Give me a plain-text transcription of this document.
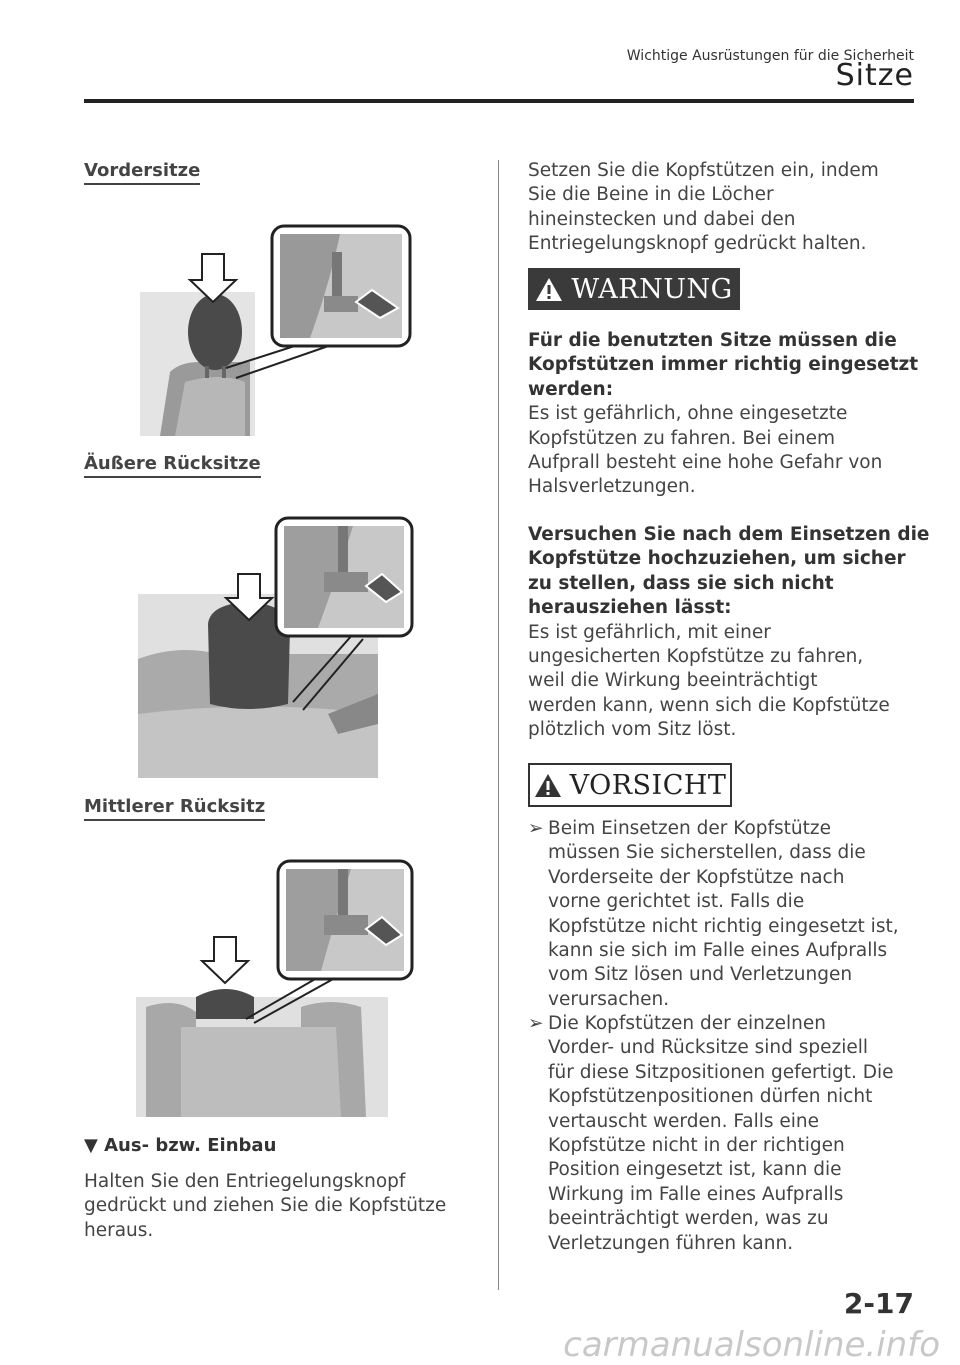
Wichtige Ausrüstungen für die Sicherheit
Sitze
Vordersitze
Äußere Rücksitze
Mittlerer Rücksitz
▼ Aus- bzw. Einbau
Halten Sie den Entriegelungsknopf
gedrückt und ziehen Sie die Kopfstütze
heraus.
Setzen Sie die Kopfstützen ein, indem
Sie die Beine in die Löcher
hineinstecken und dabei den
Entriegelungsknopf gedrückt halten.
WARNUNG
Für die benutzten Sitze müssen die
Kopfstützen immer richtig eingesetzt
werden:
Es ist gefährlich, ohne eingesetzte
Kopfstützen zu fahren. Bei einem
Aufprall besteht eine hohe Gefahr von
Halsverletzungen.
Versuchen Sie nach dem Einsetzen die
Kopfstütze hochzuziehen, um sicher
zu stellen, dass sie sich nicht
herausziehen lässt:
Es ist gefährlich, mit einer
ungesicherten Kopfstütze zu fahren,
weil die Wirkung beeinträchtigt
werden kann, wenn sich die Kopfstütze
plötzlich vom Sitz löst.
VORSICHT
➢ Beim Einsetzen der Kopfstütze
müssen Sie sicherstellen, dass die
Vorderseite der Kopfstütze nach
vorne gerichtet ist. Falls die
Kopfstütze nicht richtig eingesetzt ist,
kann sie sich im Falle eines Aufpralls
vom Sitz lösen und Verletzungen
verursachen.
➢ Die Kopfstützen der einzelnen
Vorder- und Rücksitze sind speziell
für diese Sitzpositionen gefertigt. Die
Kopfstützenpositionen dürfen nicht
vertauscht werden. Falls eine
Kopfstütze nicht in der richtigen
Position eingesetzt ist, kann die
Wirkung im Falle eines Aufpralls
beeinträchtigt werden, was zu
Verletzungen führen kann.
2-17
carmanualsonline.info
